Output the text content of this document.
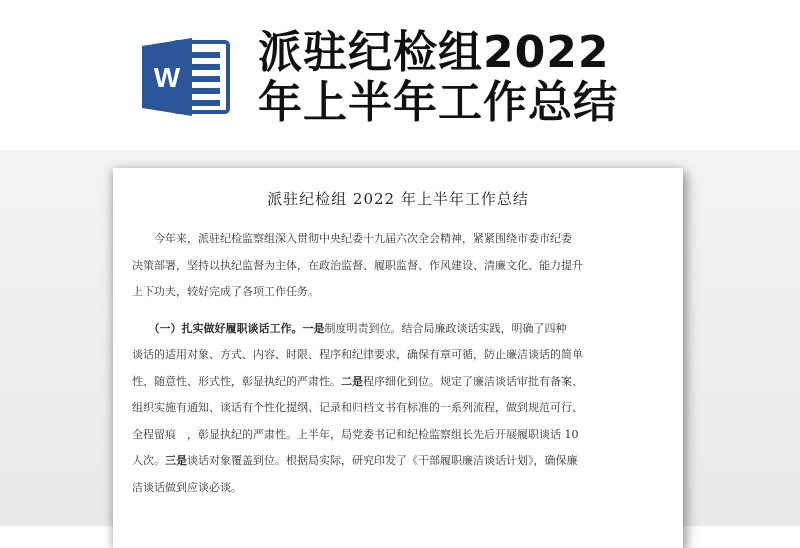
W 派驻纪检组2022
年上半年工作总结
派驻纪检组 2022 年上半年工作总结
　　今年来，派驻纪检监察组深入贯彻中央纪委十九届六次全会精神，紧紧围绕市委市纪委
决策部署，坚持以执纪监督为主体，在政治监督、履职监督、作风建设、清廉文化、能力提升
上下功夫，较好完成了各项工作任务。
　　（一）扎实做好履职谈话工作。一是制度明责到位。结合局廉政谈话实践，明确了四种
谈话的适用对象、方式、内容、时限、程序和纪律要求，确保有章可循，防止廉洁谈话的简单
性、随意性、形式性，彰显执纪的严肃性。二是程序细化到位。规定了廉洁谈话审批有备案、
组织实施有通知、谈话有个性化提纲、记录和归档文书有标准的一系列流程，做到规范可行、
全程留痕　，彰显执纪的严肃性。上半年，局党委书记和纪检监察组长先后开展履职谈话 10
人次。三是谈话对象覆盖到位。根据局实际，研究印发了《干部履职廉洁谈话计划》，确保廉
洁谈话做到应谈必谈。
